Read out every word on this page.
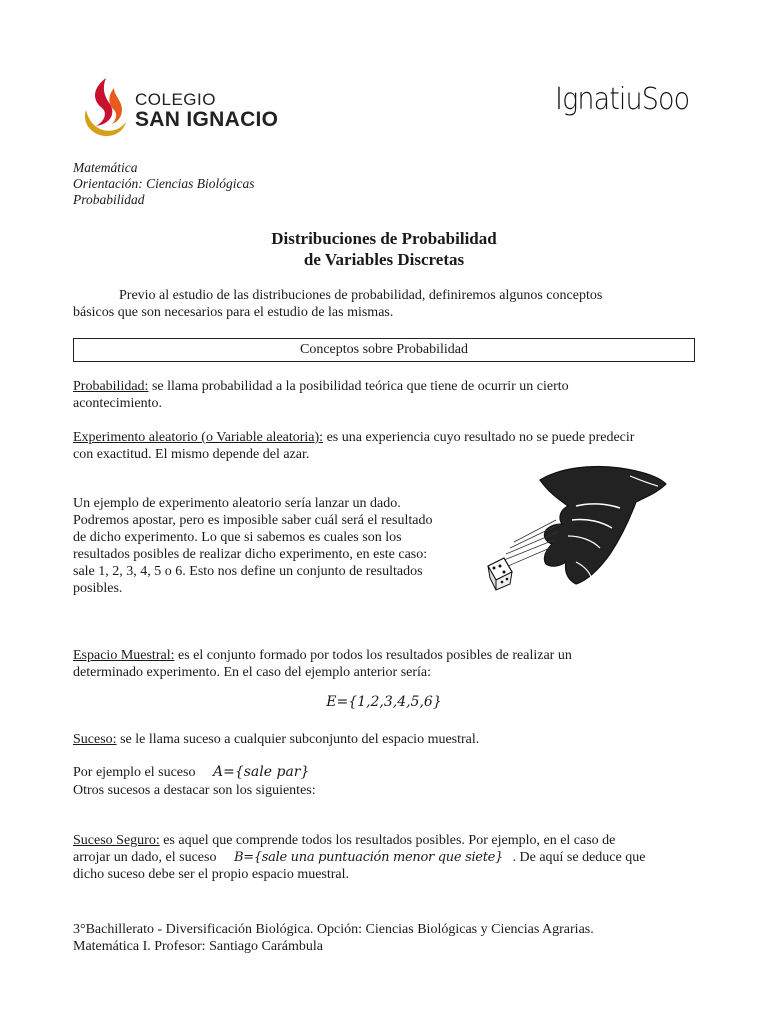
COLEGIO
SAN IGNACIO
IgnatiuSoo
Matemática
Orientación: Ciencias Biológicas
Probabilidad
Distribuciones de Probabilidad
de Variables Discretas
Previo al estudio de las distribuciones de probabilidad, definiremos algunos conceptos
básicos que son necesarios para el estudio de las mismas.
Conceptos sobre Probabilidad
Probabilidad: se llama probabilidad a la posibilidad teórica que tiene de ocurrir un cierto
acontecimiento.
Experimento aleatorio (o Variable aleatoria): es una experiencia cuyo resultado no se puede predecir
con exactitud. El mismo depende del azar.
Un ejemplo de experimento aleatorio sería lanzar un dado.
Podremos apostar, pero es imposible saber cuál será el resultado
de dicho experimento. Lo que si sabemos es cuales son los
resultados posibles de realizar dicho experimento, en este caso:
sale 1, 2, 3, 4, 5 o 6. Esto nos define un conjunto de resultados
posibles.
Espacio Muestral: es el conjunto formado por todos los resultados posibles de realizar un
determinado experimento. En el caso del ejemplo anterior sería:
E={1,2,3,4,5,6}
Suceso: se le llama suceso a cualquier subconjunto del espacio muestral.
Por ejemplo el suceso A={sale par}
Otros sucesos a destacar son los siguientes:
Suceso Seguro: es aquel que comprende todos los resultados posibles. Por ejemplo, en el caso de
arrojar un dado, el suceso B={sale una puntuación menor que siete} . De aquí se deduce que
dicho suceso debe ser el propio espacio muestral.
3°Bachillerato - Diversificación Biológica. Opción: Ciencias Biológicas y Ciencias Agrarias.
Matemática I. Profesor: Santiago Carámbula
